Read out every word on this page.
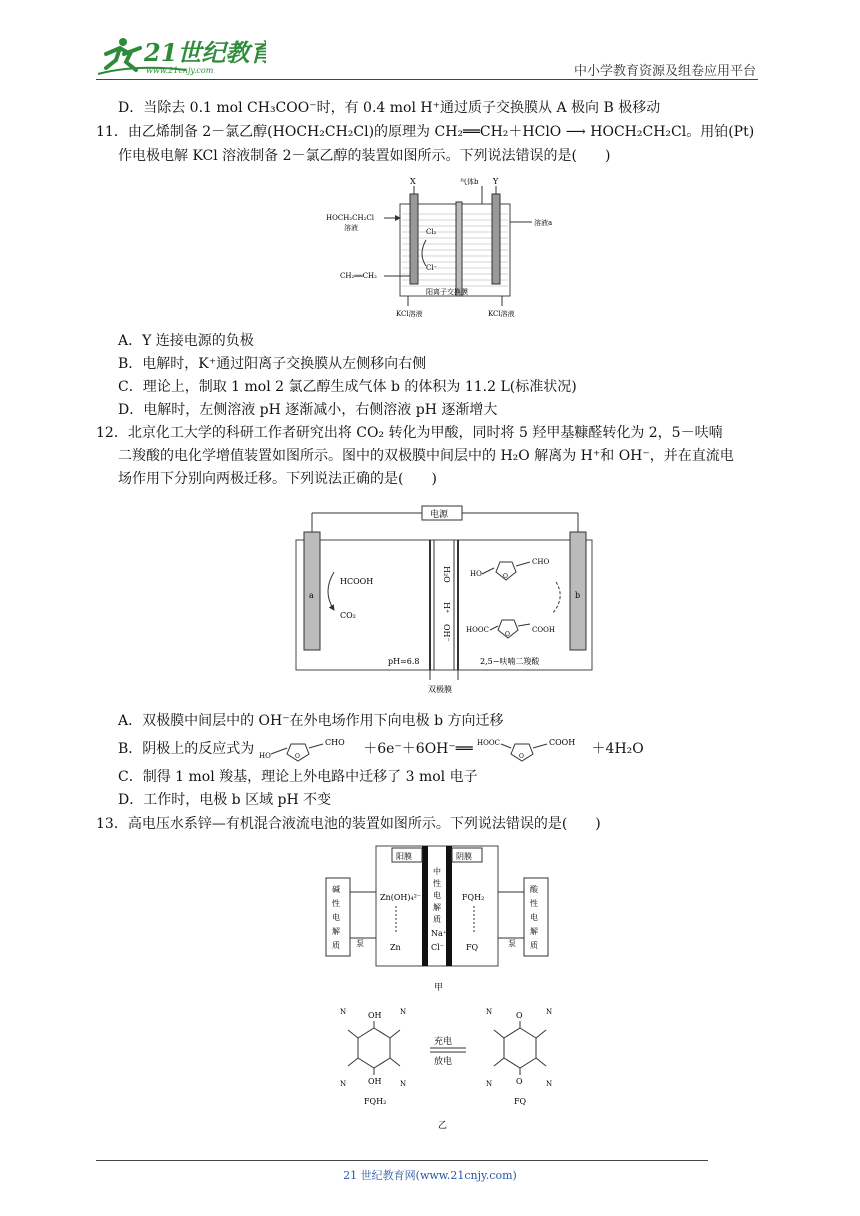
21世纪教育
www.21cnjy.com	中小学教育资源及组卷应用平台
D．当除去 0.1 mol CH₃COO⁻时，有 0.4 mol H⁺通过质子交换膜从 A 极向 B 极移动
11．由乙烯制备 2－氯乙醇(HOCH₂CH₂Cl)的原理为 CH₂══CH₂＋HClO ⟶ HOCH₂CH₂Cl。用铂(Pt)
作电极电解 KCl 溶液制备 2－氯乙醇的装置如图所示。下列说法错误的是(　　)
X	Y
气体b
HOCH₂CH₂Cl
溶液
溶液a
Cl₂
Cl⁻
CH₂══CH₂
阳离子交换膜
KCl溶液	KCl溶液
A．Y 连接电源的负极
B．电解时，K⁺通过阳离子交换膜从左侧移向右侧
C．理论上，制取 1 mol 2 氯乙醇生成气体 b 的体积为 11.2 L(标准状况)
D．电解时，左侧溶液 pH 逐渐减小，右侧溶液 pH 逐渐增大
12．北京化工大学的科研工作者研究出将 CO₂ 转化为甲酸，同时将 5 羟甲基糠醛转化为 2，5－呋喃
二羧酸的电化学增值装置如图所示。图中的双极膜中间层中的 H₂O 解离为 H⁺和 OH⁻，并在直流电
场作用下分别向两极迁移。下列说法正确的是(　　)
电源
a	b
H₂O
H⁺
OH⁻
HCOOH
CO₂
pH=6.8
HO	O
CHO
HOOC
O
COOH
2,5−呋喃二羧酸
双极膜
A．双极膜中间层中的 OH⁻在外电场作用下向电极 b 方向迁移
B．阴极上的反应式为 HO	O
CHO ＋6e⁻＋6OH⁻══ HOOC
O
COOH ＋4H₂O
C．制得 1 mol 羧基，理论上外电路中迁移了 3 mol 电子
D．工作时，电极 b 区域 pH 不变
13．高电压水系锌—有机混合液流电池的装置如图所示。下列说法错误的是(　　)
阳膜	阴膜
碱
性
电
解
质 泵
酸
性
电
解
质
泵
Zn(OH)₄²⁻
Zn
中
性
电
解
质
Na⁺
Cl⁻
FQH₂
FQ
甲
OH
OH
N	N
N	N
FQH₂
充电
放电
O
O
N	N
N	N
FQ
乙
21 世纪教育网(www.21cnjy.com)
